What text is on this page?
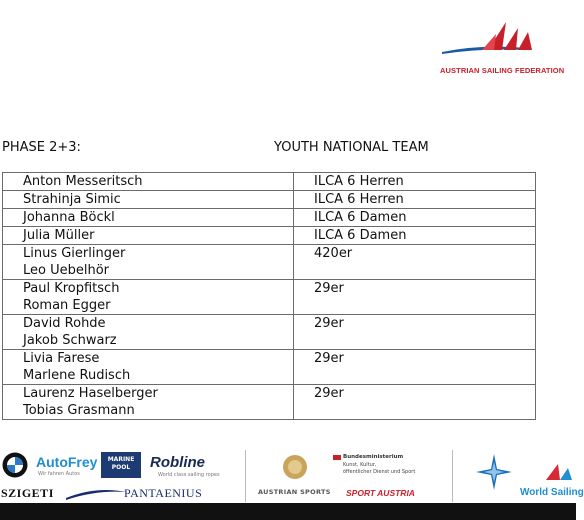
AUSTRIAN SAILING FEDERATION
PHASE 2+3:	YOUTH NATIONAL TEAM
Anton Messeritsch	ILCA 6 Herren

Strahinja Simic	ILCA 6 Herren

Johanna Böckl	ILCA 6 Damen

Julia Müller	ILCA 6 Damen

Linus Gierlinger
Leo Uebelhör	420er

Paul Kropfitsch
Roman Egger	29er

David Rohde
Jakob Schwarz	29er

Livia Farese
Marlene Rudisch	29er

Laurenz Haselberger
Tobias Grasmann	29er
AutoFrey
Wir fahren Autos
MARINE POOL	Robline
World class sailing ropes
AUSTRIAN SPORTS
Bundesministerium
Kunst, Kultur,
öffentlicher Dienst und Sport
SPORT AUSTRIA	World Sailing
SZIGETI	PANTAENIUS
